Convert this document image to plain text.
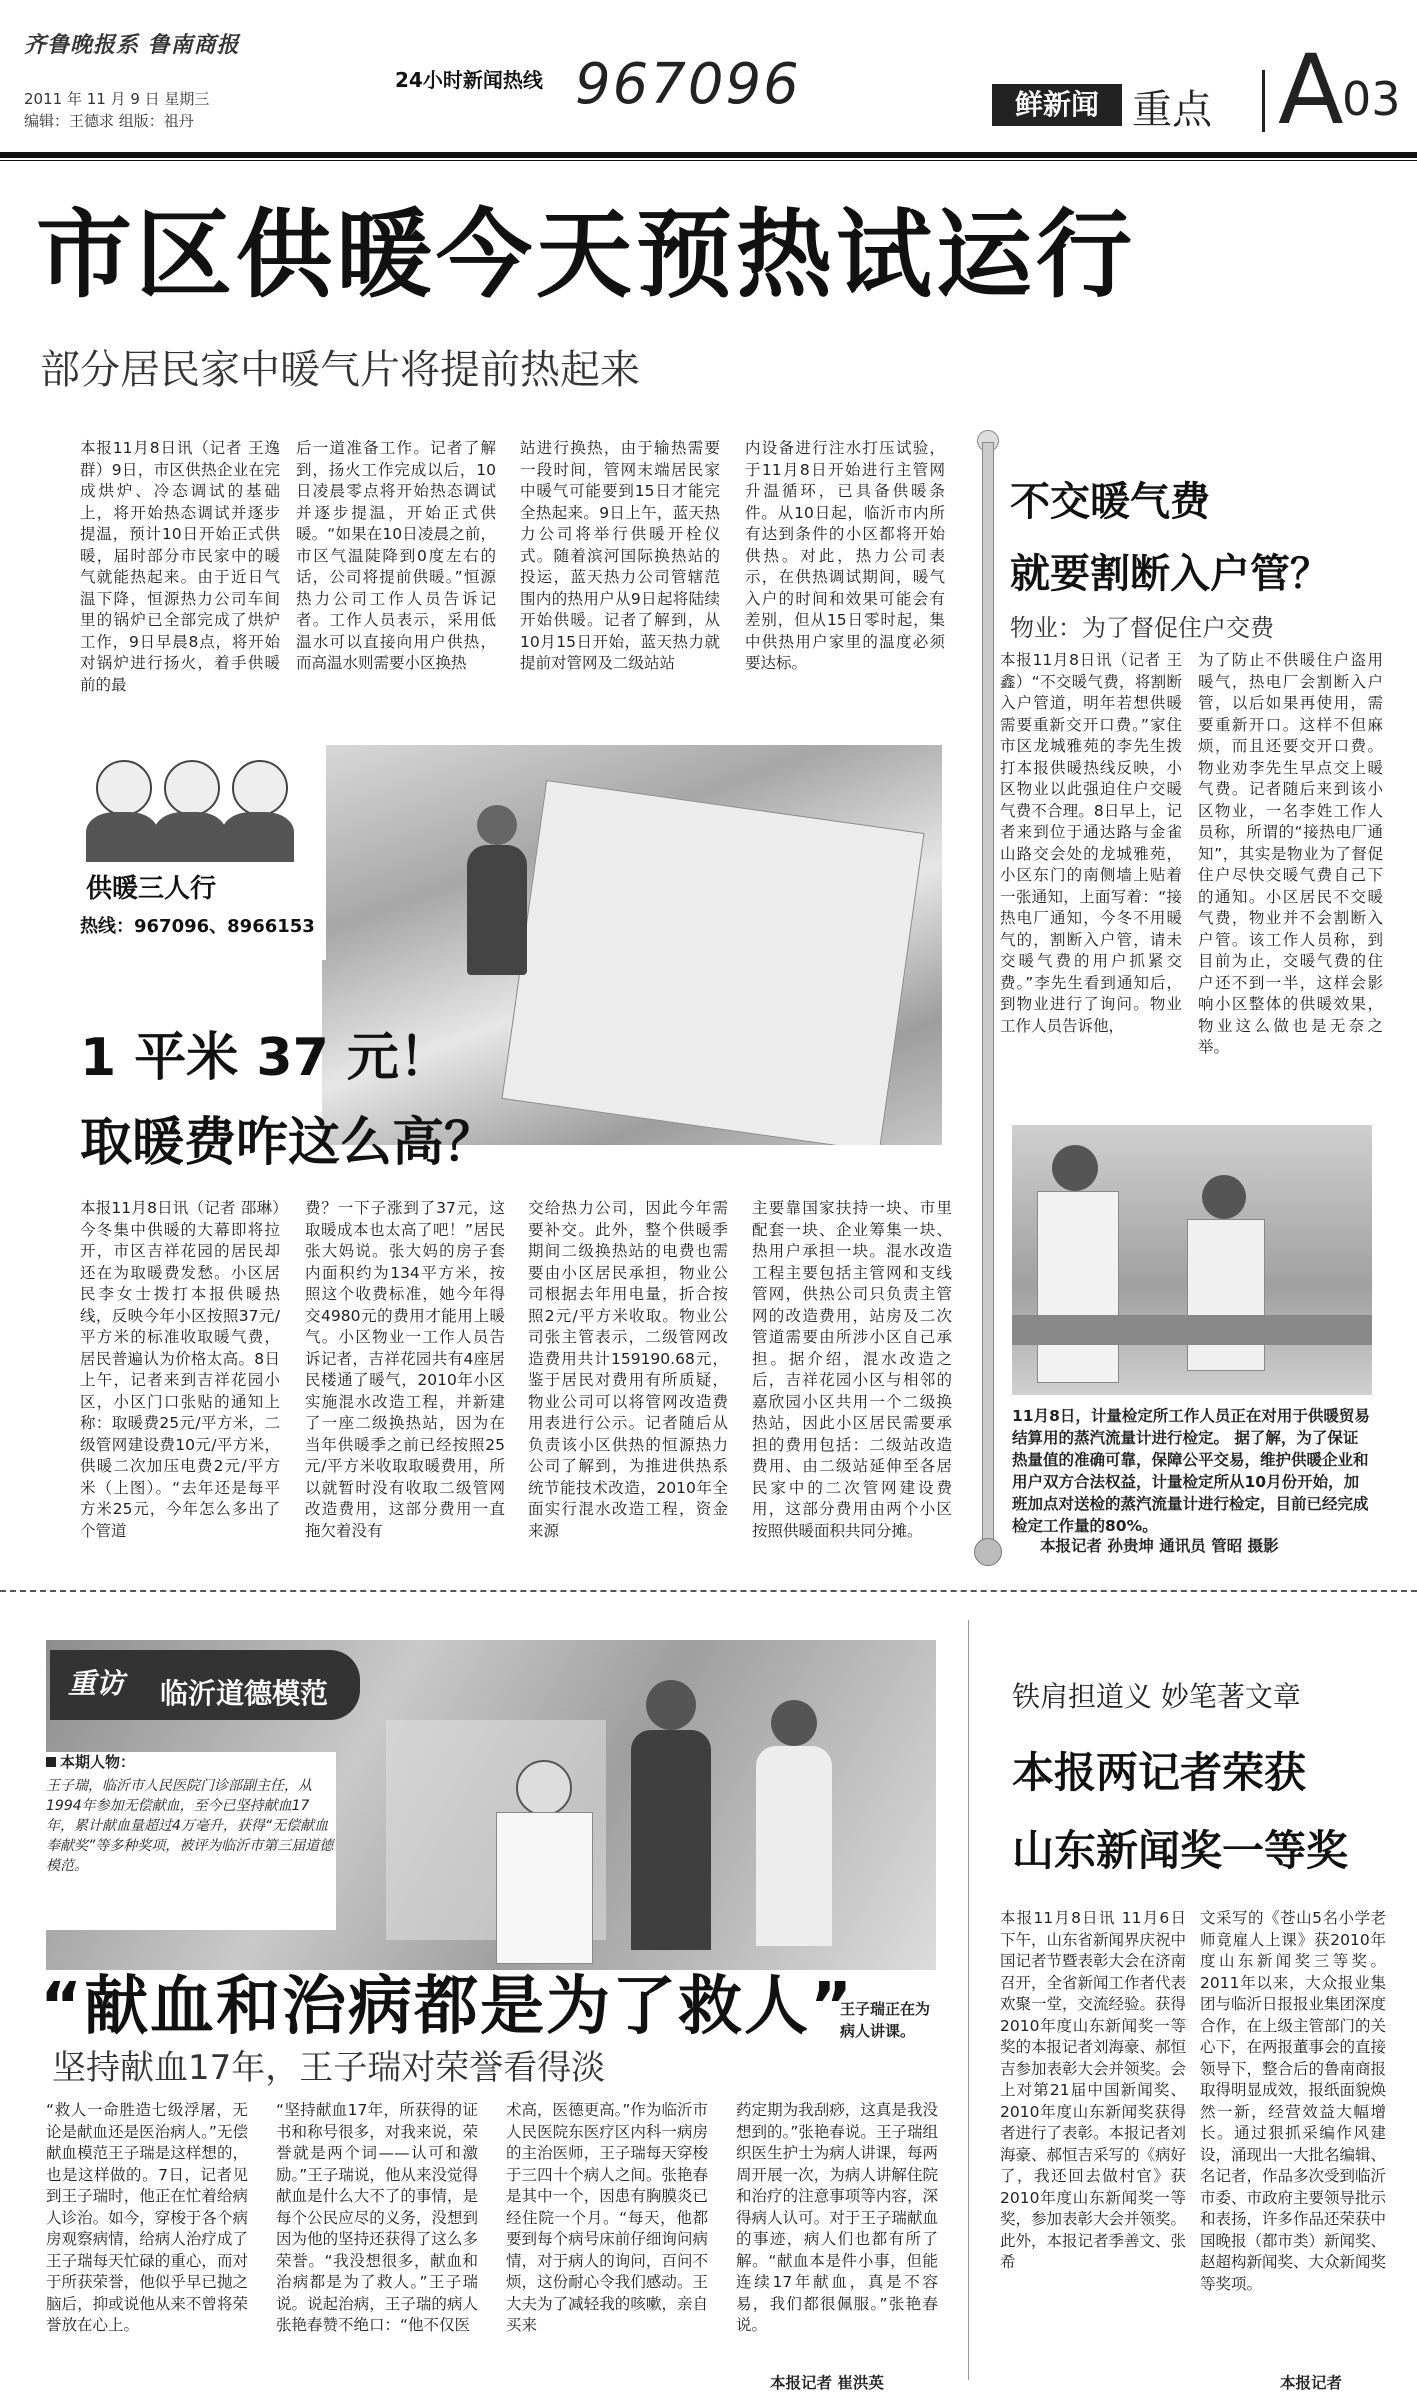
齐鲁晚报系 鲁南商报
2011 年 11 月 9 日 星期三
编辑：王德求 组版：祖丹
24小时新闻热线 967096	鲜新闻 重点 A
03
市区供暖今天预热试运行
部分居民家中暖气片将提前热起来
本报11月8日讯（记者 王逸群）9日，市区供热企业在完成烘炉、冷态调试的基础上，将开始热态调试并逐步提温，预计10日开始正式供暖，届时部分市民家中的暖气就能热起来。由于近日气温下降，恒源热力公司车间里的锅炉已全部完成了烘炉工作，9日早晨8点，将开始对锅炉进行扬火，着手供暖前的最
后一道准备工作。记者了解到，扬火工作完成以后，10日凌晨零点将开始热态调试并逐步提温，开始正式供暖。“如果在10日凌晨之前，市区气温陡降到0度左右的话，公司将提前供暖。”恒源热力公司工作人员告诉记者。工作人员表示，采用低温水可以直接向用户供热，而高温水则需要小区换热
站进行换热，由于输热需要一段时间，管网末端居民家中暖气可能要到15日才能完全热起来。9日上午，蓝天热力公司将举行供暖开栓仪式。随着滨河国际换热站的投运，蓝天热力公司管辖范围内的热用户从9日起将陆续开始供暖。记者了解到，从10月15日开始，蓝天热力就提前对管网及二级站站
内设备进行注水打压试验，于11月8日开始进行主管网升温循环，已具备供暖条件。从10日起，临沂市内所有达到条件的小区都将开始供热。对此，热力公司表示，在供热调试期间，暖气入户的时间和效果可能会有差别，但从15日零时起，集中供热用户家里的温度必须要达标。
供暖三人行
热线：967096、8966153
1 平米 37 元！
取暖费咋这么高？
本报11月8日讯（记者 邵琳）今冬集中供暖的大幕即将拉开，市区吉祥花园的居民却还在为取暖费发愁。小区居民李女士拨打本报供暖热线，反映今年小区按照37元/平方米的标准收取暖气费，居民普遍认为价格太高。8日上午，记者来到吉祥花园小区，小区门口张贴的通知上称：取暖费25元/平方米，二级管网建设费10元/平方米，供暖二次加压电费2元/平方米（上图）。“去年还是每平方米25元，今年怎么多出了个管道
费？一下子涨到了37元，这取暖成本也太高了吧！”居民张大妈说。张大妈的房子套内面积约为134平方米，按照这个收费标准，她今年得交4980元的费用才能用上暖气。小区物业一工作人员告诉记者，吉祥花园共有4座居民楼通了暖气，2010年小区实施混水改造工程，并新建了一座二级换热站，因为在当年供暖季之前已经按照25元/平方米收取取暖费用，所以就暂时没有收取二级管网改造费用，这部分费用一直拖欠着没有
交给热力公司，因此今年需要补交。此外，整个供暖季期间二级换热站的电费也需要由小区居民承担，物业公司根据去年用电量，折合按照2元/平方米收取。物业公司张主管表示，二级管网改造费用共计159190.68元，鉴于居民对费用有所质疑，物业公司可以将管网改造费用表进行公示。记者随后从负责该小区供热的恒源热力公司了解到，为推进供热系统节能技术改造，2010年全面实行混水改造工程，资金来源
主要靠国家扶持一块、市里配套一块、企业筹集一块、热用户承担一块。混水改造工程主要包括主管网和支线管网，供热公司只负责主管网的改造费用，站房及二次管道需要由所涉小区自己承担。据介绍，混水改造之后，吉祥花园小区与相邻的嘉欣园小区共用一个二级换热站，因此小区居民需要承担的费用包括：二级站改造费用、由二级站延伸至各居民家中的二次管网建设费用，这部分费用由两个小区按照供暖面积共同分摊。
不交暖气费
就要割断入户管？
物业：为了督促住户交费
本报11月8日讯（记者 王鑫）“不交暖气费，将割断入户管道，明年若想供暖需要重新交开口费。”家住市区龙城雅苑的李先生拨打本报供暖热线反映，小区物业以此强迫住户交暖气费不合理。8日早上，记者来到位于通达路与金雀山路交会处的龙城雅苑，小区东门的南侧墙上贴着一张通知，上面写着：“接热电厂通知，今冬不用暖气的，割断入户管，请未交暖气费的用户抓紧交费。”李先生看到通知后，到物业进行了询问。物业工作人员告诉他，
为了防止不供暖住户盗用暖气，热电厂会割断入户管，以后如果再使用，需要重新开口。这样不但麻烦，而且还要交开口费。物业劝李先生早点交上暖气费。记者随后来到该小区物业，一名李姓工作人员称，所谓的“接热电厂通知”，其实是物业为了督促住户尽快交暖气费自己下的通知。小区居民不交暖气费，物业并不会割断入户管。该工作人员称，到目前为止，交暖气费的住户还不到一半，这样会影响小区整体的供暖效果，物业这么做也是无奈之举。
11月8日，计量检定所工作人员正在对用于供暖贸易结算用的蒸汽流量计进行检定。 据了解，为了保证热量值的准确可靠，保障公平交易，维护供暖企业和用户双方合法权益，计量检定所从10月份开始，加班加点对送检的蒸汽流量计进行检定，目前已经完成检定工作量的80%。
本报记者 孙贵坤 通讯员 管昭 摄影
重访 临沂道德模范
本期人物：
王子瑞，临沂市人民医院门诊部副主任，从1994年参加无偿献血，至今已坚持献血17年，累计献血量超过4万毫升，获得“无偿献血奉献奖”等多种奖项，被评为临沂市第三届道德模范。
王子瑞正在为病人讲课。
“献血和治病都是为了救人”
坚持献血17年，王子瑞对荣誉看得淡
“救人一命胜造七级浮屠，无论是献血还是医治病人。”无偿献血模范王子瑞是这样想的，也是这样做的。7日，记者见到王子瑞时，他正在忙着给病人诊治。如今，穿梭于各个病房观察病情，给病人治疗成了王子瑞每天忙碌的重心，而对于所获荣誉，他似乎早已抛之脑后，抑或说他从来不曾将荣誉放在心上。
“坚持献血17年，所获得的证书和称号很多，对我来说，荣誉就是两个词——认可和激励。”王子瑞说，他从来没觉得献血是什么大不了的事情，是每个公民应尽的义务，没想到因为他的坚持还获得了这么多荣誉。“我没想很多，献血和治病都是为了救人。”王子瑞说。说起治病，王子瑞的病人张艳春赞不绝口：“他不仅医
术高，医德更高。”作为临沂市人民医院东医疗区内科一病房的主治医师，王子瑞每天穿梭于三四十个病人之间。张艳春是其中一个，因患有胸膜炎已经住院一个月。“每天，他都要到每个病号床前仔细询问病情，对于病人的询问，百问不烦，这份耐心令我们感动。王大夫为了减轻我的咳嗽，亲自买来
药定期为我刮痧，这真是我没想到的。”张艳春说。王子瑞组织医生护士为病人讲课，每两周开展一次，为病人讲解住院和治疗的注意事项等内容，深得病人认可。对于王子瑞献血的事迹，病人们也都有所了解。“献血本是件小事，但能连续17年献血，真是不容易，我们都很佩服。”张艳春说。
本报记者 崔洪英
铁肩担道义 妙笔著文章
本报两记者荣获
山东新闻奖一等奖
本报11月8日讯 11月6日下午，山东省新闻界庆祝中国记者节暨表彰大会在济南召开，全省新闻工作者代表欢聚一堂，交流经验。获得2010年度山东新闻奖一等奖的本报记者刘海豪、郝恒吉参加表彰大会并领奖。会上对第21届中国新闻奖、2010年度山东新闻奖获得者进行了表彰。本报记者刘海豪、郝恒吉采写的《病好了，我还回去做村官》获2010年度山东新闻奖一等奖，参加表彰大会并领奖。此外，本报记者季善文、张希
文采写的《苍山5名小学老师竟雇人上课》获2010年度山东新闻奖三等奖。2011年以来，大众报业集团与临沂日报报业集团深度合作，在上级主管部门的关心下，在两报董事会的直接领导下，整合后的鲁南商报取得明显成效，报纸面貌焕然一新，经营效益大幅增长。通过狠抓采编作风建设，涌现出一大批名编辑、名记者，作品多次受到临沂市委、市政府主要领导批示和表扬，许多作品还荣获中国晚报（都市类）新闻奖、赵超构新闻奖、大众新闻奖等奖项。
本报记者
